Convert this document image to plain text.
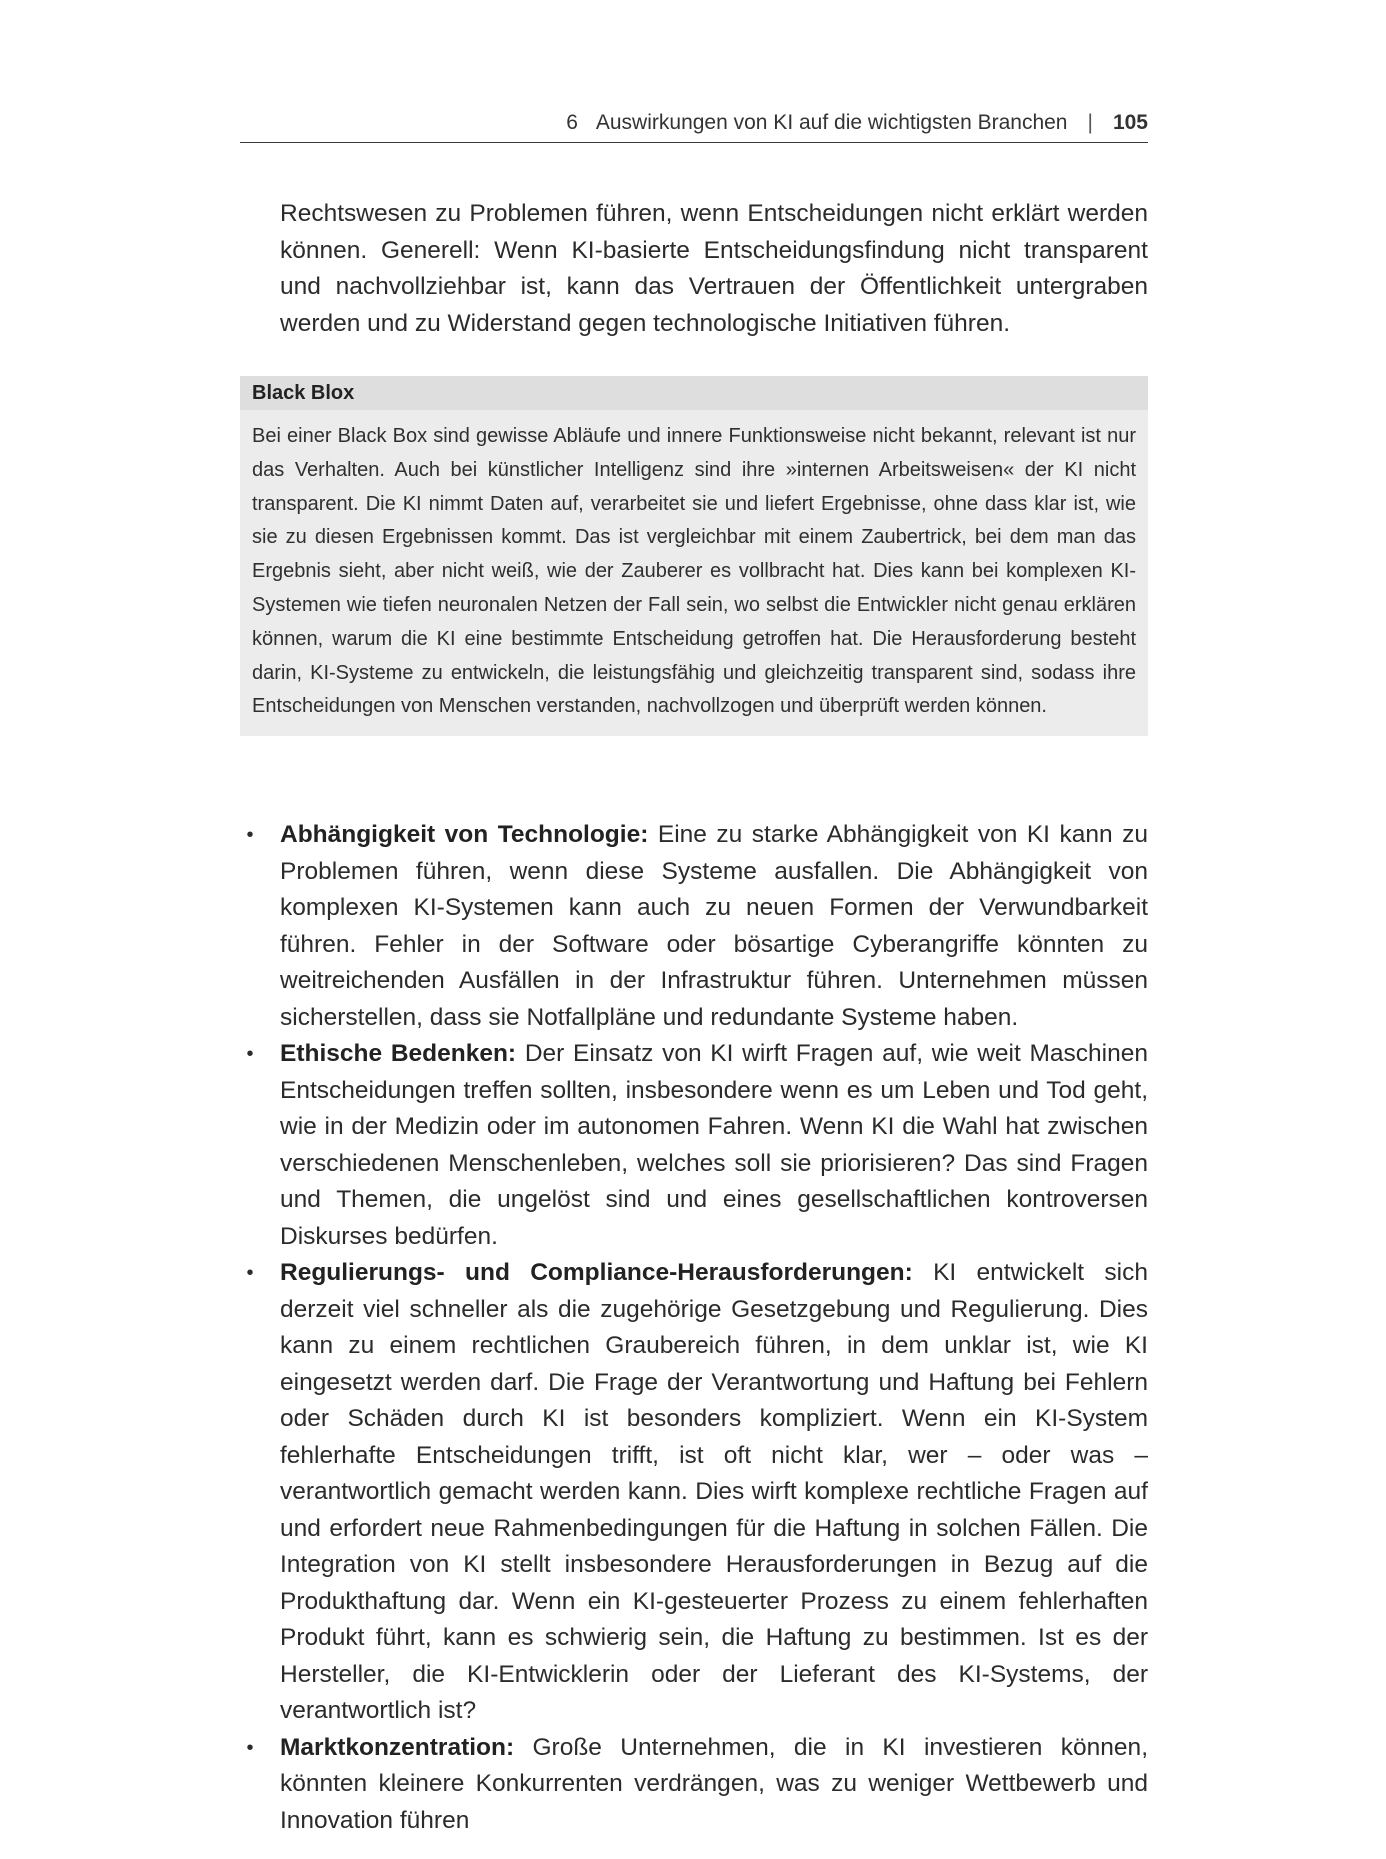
6 Auswirkungen von KI auf die wichtigsten Branchen | 105

Rechtswesen zu Problemen führen, wenn Entscheidungen nicht erklärt werden können. Generell: Wenn KI-basierte Entscheidungsfindung nicht transparent und nachvollziehbar ist, kann das Vertrauen der Öffentlichkeit untergraben werden und zu Widerstand gegen technologische Initiativen führen.

Black Blox

Bei einer Black Box sind gewisse Abläufe und innere Funktionsweise nicht bekannt, relevant ist nur das Verhalten. Auch bei künstlicher Intelligenz sind ihre »internen Arbeitsweisen« der KI nicht transparent. Die KI nimmt Daten auf, verarbeitet sie und liefert Ergebnisse, ohne dass klar ist, wie sie zu diesen Ergebnissen kommt. Das ist vergleichbar mit einem Zaubertrick, bei dem man das Ergebnis sieht, aber nicht weiß, wie der Zauberer es vollbracht hat. Dies kann bei komplexen KI-Systemen wie tiefen neuronalen Netzen der Fall sein, wo selbst die Entwickler nicht genau erklären können, warum die KI eine bestimmte Entscheidung getroffen hat. Die Herausforderung besteht darin, KI-Systeme zu entwickeln, die leistungsfähig und gleichzeitig transparent sind, sodass ihre Entscheidungen von Menschen verstanden, nachvollzogen und überprüft werden können.

• Abhängigkeit von Technologie: Eine zu starke Abhängigkeit von KI kann zu Problemen führen, wenn diese Systeme ausfallen. Die Abhängigkeit von komplexen KI-Systemen kann auch zu neuen Formen der Verwundbarkeit führen. Fehler in der Software oder bösartige Cyberangriffe könnten zu weitreichenden Ausfällen in der Infrastruktur führen. Unternehmen müssen sicherstellen, dass sie Notfallpläne und redundante Systeme haben.
• Ethische Bedenken: Der Einsatz von KI wirft Fragen auf, wie weit Maschinen Entscheidungen treffen sollten, insbesondere wenn es um Leben und Tod geht, wie in der Medizin oder im autonomen Fahren. Wenn KI die Wahl hat zwischen verschiedenen Menschenleben, welches soll sie priorisieren? Das sind Fragen und Themen, die ungelöst sind und eines gesellschaftlichen kontroversen Diskurses bedürfen.
• Regulierungs- und Compliance-Herausforderungen: KI entwickelt sich derzeit viel schneller als die zugehörige Gesetzgebung und Regulierung. Dies kann zu einem rechtlichen Graubereich führen, in dem unklar ist, wie KI eingesetzt werden darf. Die Frage der Verantwortung und Haftung bei Fehlern oder Schäden durch KI ist besonders kompliziert. Wenn ein KI-System fehlerhafte Entscheidungen trifft, ist oft nicht klar, wer – oder was – verantwortlich gemacht werden kann. Dies wirft komplexe rechtliche Fragen auf und erfordert neue Rahmenbedingungen für die Haftung in solchen Fällen. Die Integration von KI stellt insbesondere Herausforderungen in Bezug auf die Produkthaftung dar. Wenn ein KI-gesteuerter Prozess zu einem fehlerhaften Produkt führt, kann es schwierig sein, die Haftung zu bestimmen. Ist es der Hersteller, die KI-Entwicklerin oder der Lieferant des KI-Systems, der verantwortlich ist?
• Marktkonzentration: Große Unternehmen, die in KI investieren können, könnten kleinere Konkurrenten verdrängen, was zu weniger Wettbewerb und Innovation führen
